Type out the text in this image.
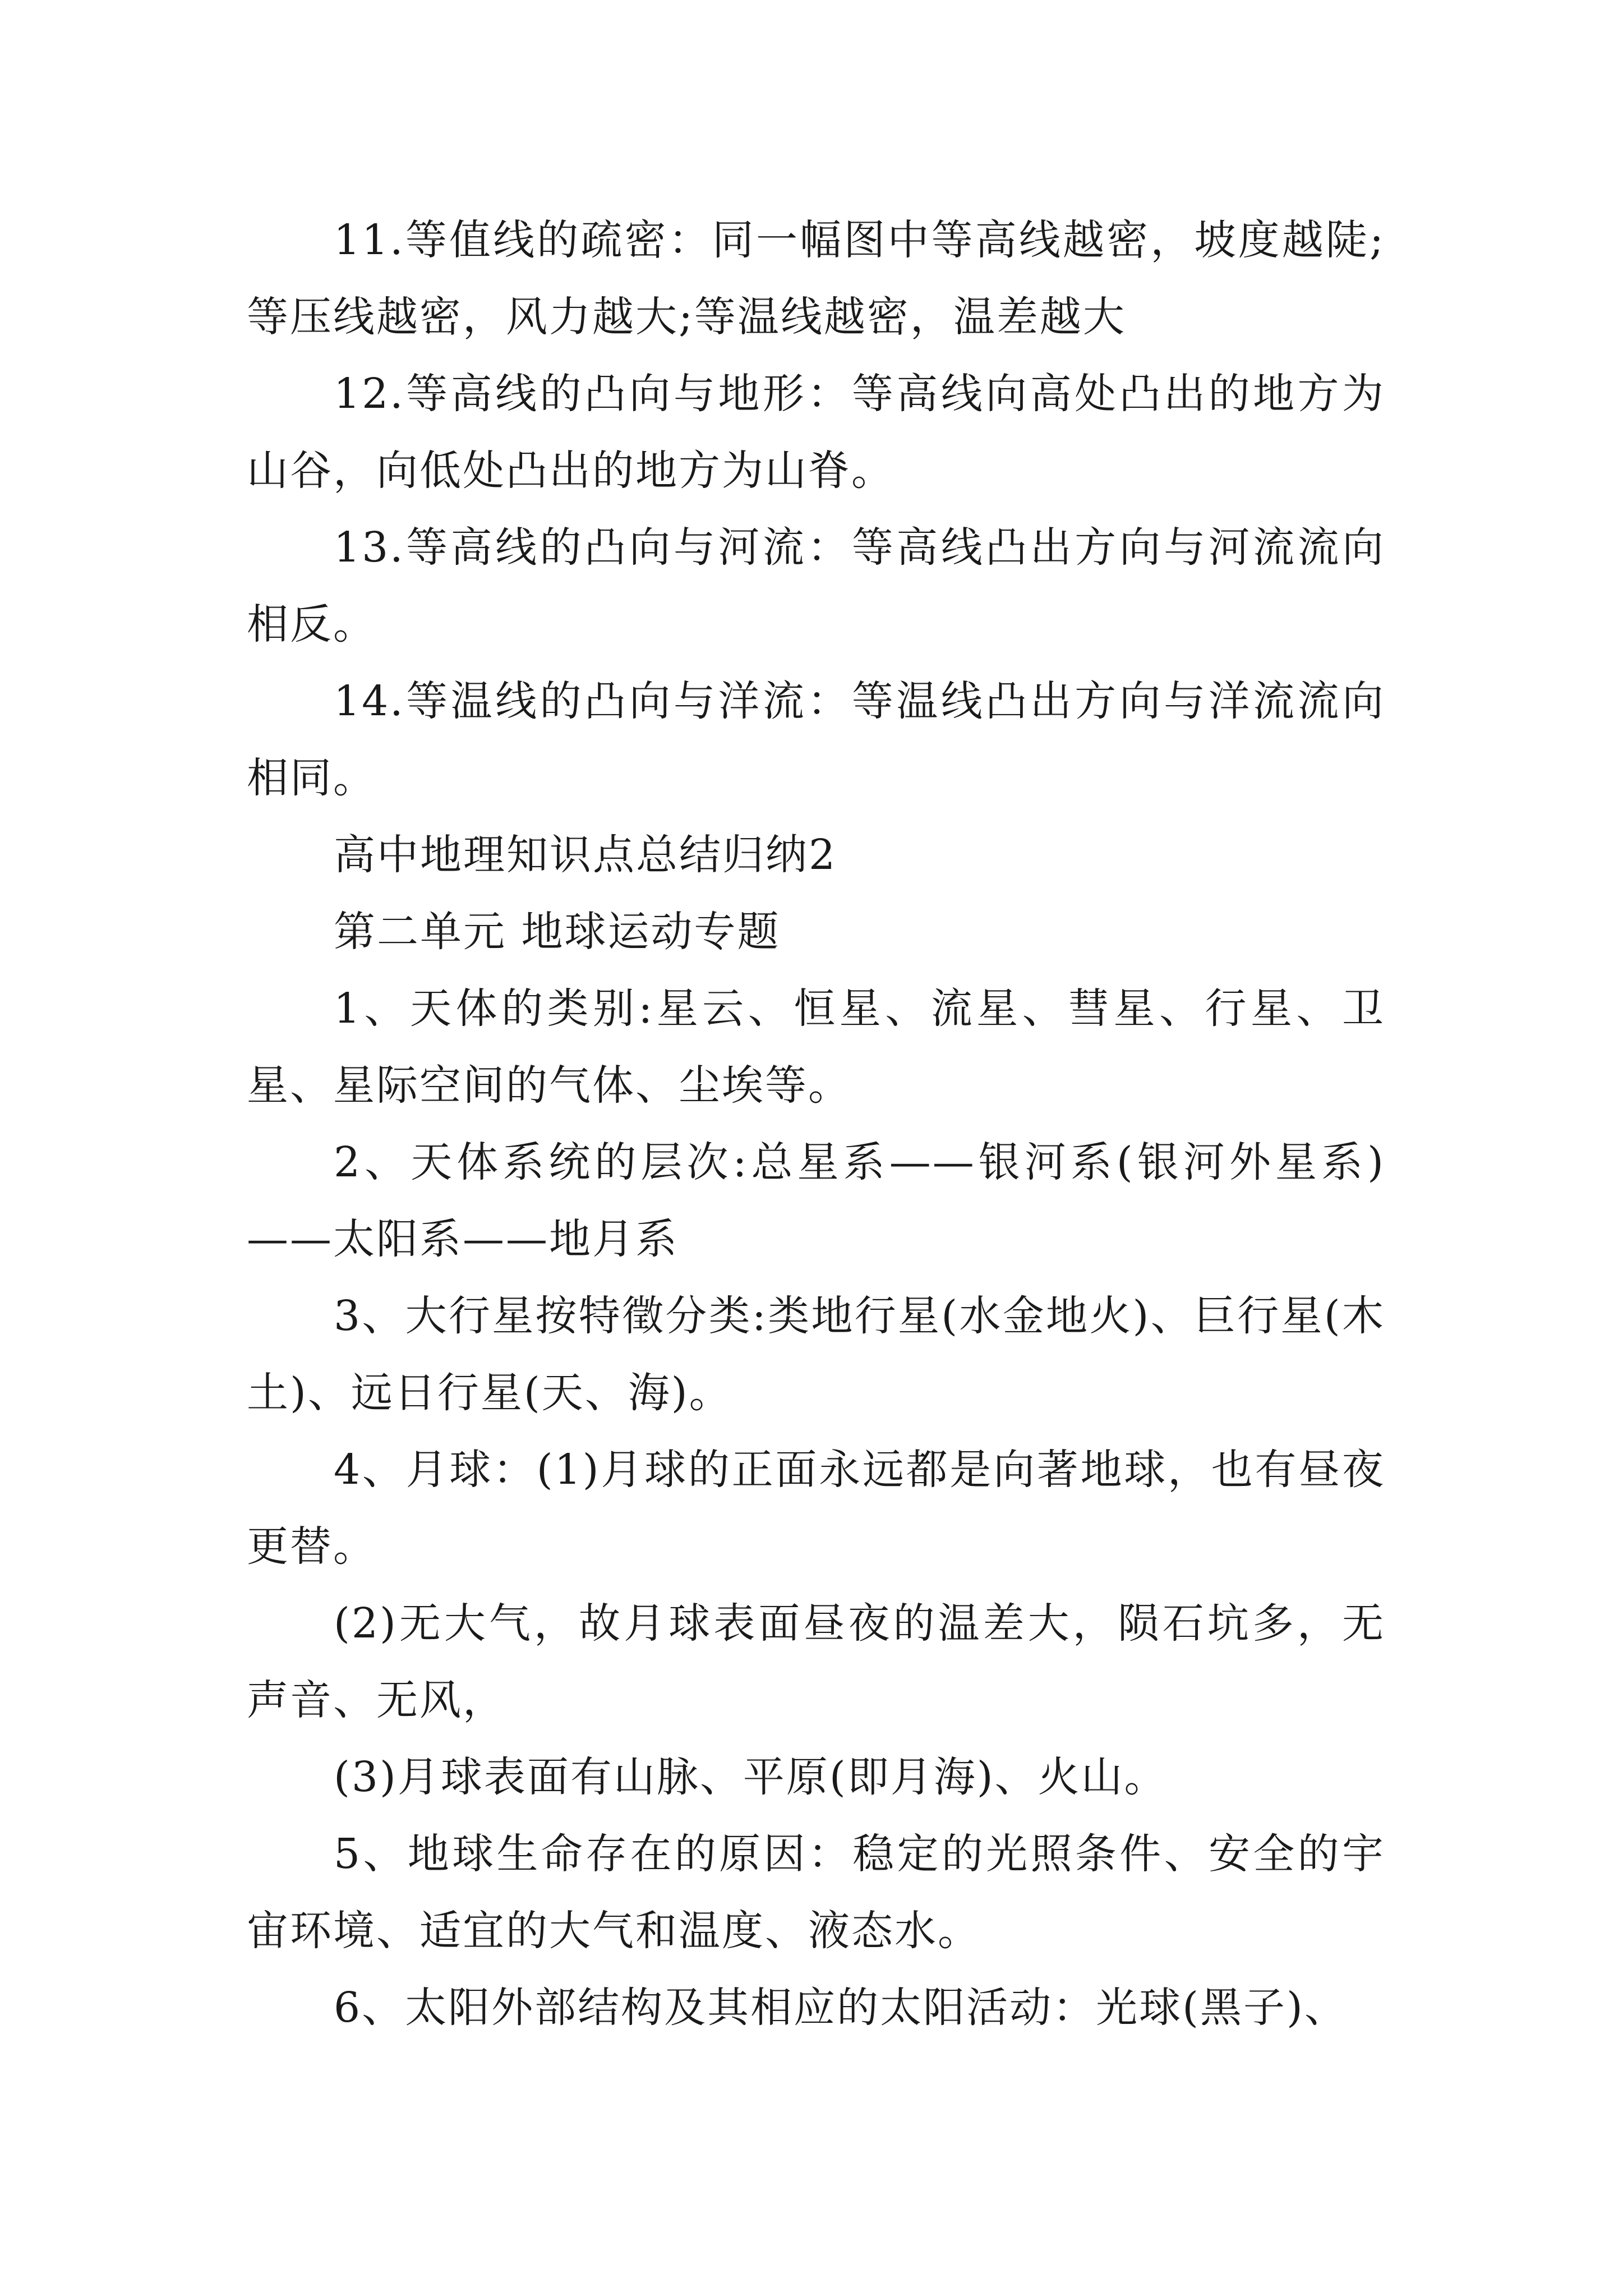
11.等值线的疏密：同一幅图中等高线越密，坡度越陡;等压线越密，风力越大;等温线越密，温差越大

12.等高线的凸向与地形：等高线向高处凸出的地方为山谷，向低处凸出的地方为山脊。

13.等高线的凸向与河流：等高线凸出方向与河流流向相反。

14.等温线的凸向与洋流：等温线凸出方向与洋流流向相同。

高中地理知识点总结归纳2

第二单元 地球运动专题

1、天体的类别:星云、恒星、流星、彗星、行星、卫星、星际空间的气体、尘埃等。

2、天体系统的层次:总星系——银河系(银河外星系)——太阳系——地月系

3、大行星按特徵分类:类地行星(水金地火)、巨行星(木土)、远日行星(天、海)。

4、月球：(1)月球的正面永远都是向著地球，也有昼夜更替。

(2)无大气，故月球表面昼夜的温差大，陨石坑多，无声音、无风，

(3)月球表面有山脉、平原(即月海)、火山。

5、地球生命存在的原因：稳定的光照条件、安全的宇宙环境、适宜的大气和温度、液态水。

6、太阳外部结构及其相应的太阳活动：光球(黑子)、
